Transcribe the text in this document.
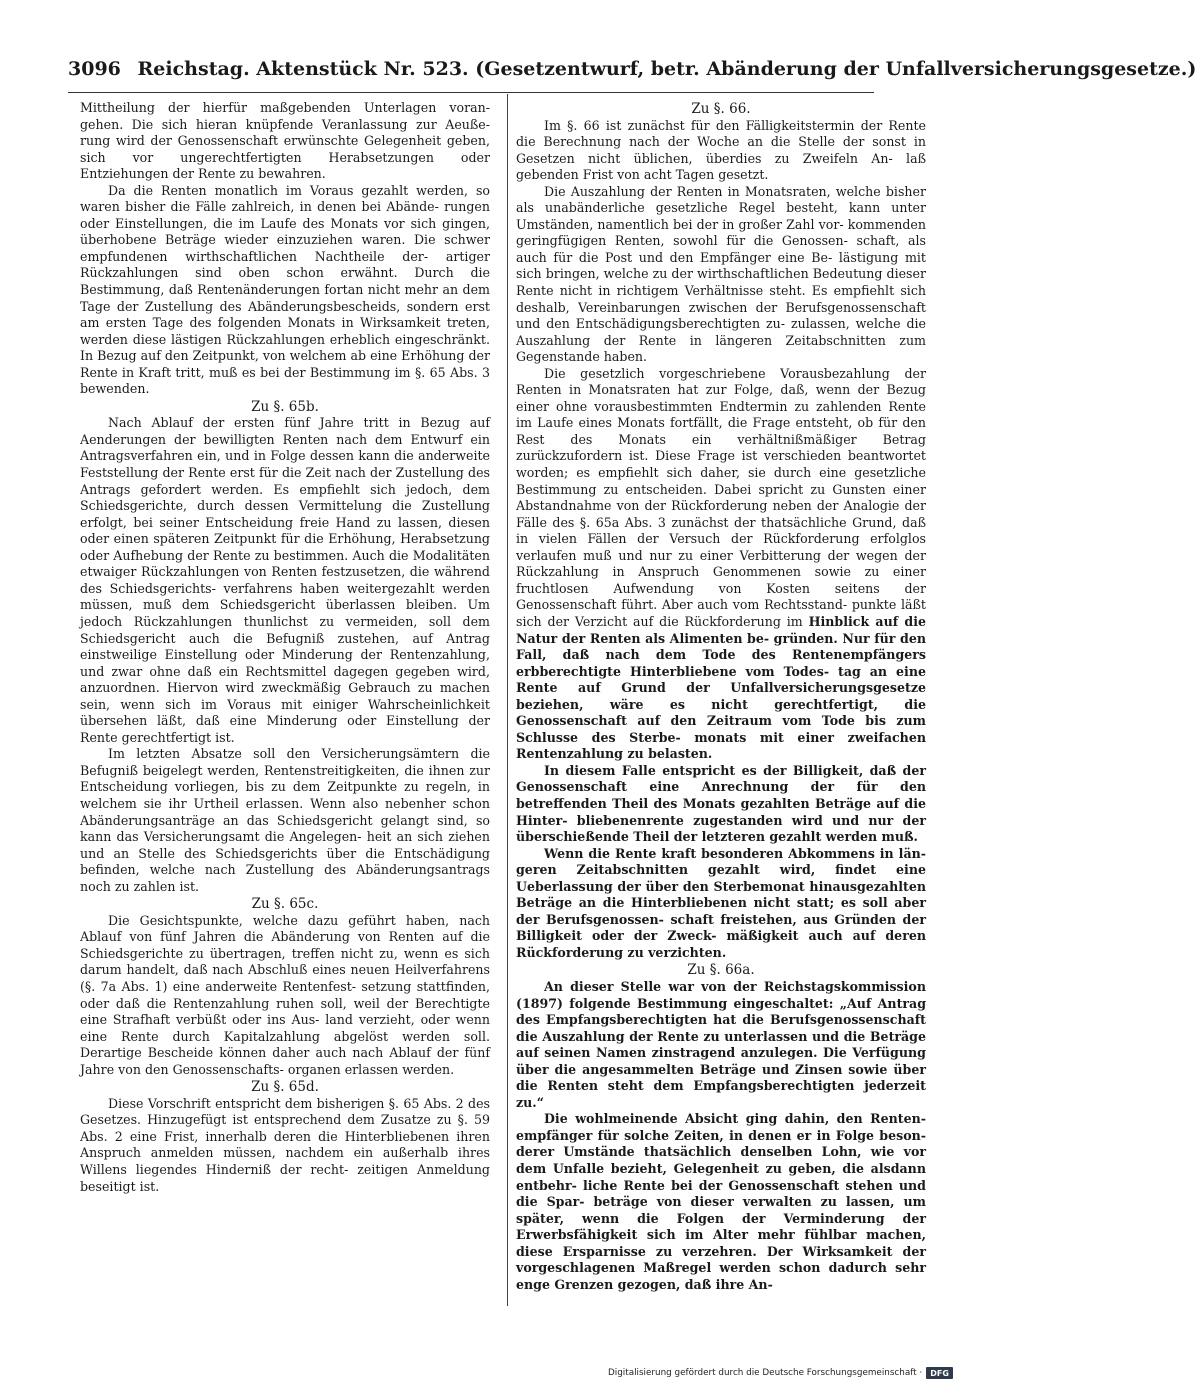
3096 Reichstag. Aktenstück Nr. 523. (Gesetzentwurf, betr. Abänderung der Unfallversicherungsgesetze.)

Mittheilung der hierfür maßgebenden Unterlagen voran- gehen. Die sich hieran knüpfende Veranlassung zur Aeuße- rung wird der Genossenschaft erwünschte Gelegenheit geben, sich vor ungerechtfertigten Herabsetzungen oder Entziehungen der Rente zu bewahren.

Da die Renten monatlich im Voraus gezahlt werden, so waren bisher die Fälle zahlreich, in denen bei Abände- rungen oder Einstellungen, die im Laufe des Monats vor sich gingen, überhobene Beträge wieder einzuziehen waren. Die schwer empfundenen wirthschaftlichen Nachtheile der- artiger Rückzahlungen sind oben schon erwähnt. Durch die Bestimmung, daß Rentenänderungen fortan nicht mehr an dem Tage der Zustellung des Abänderungsbescheids, sondern erst am ersten Tage des folgenden Monats in Wirksamkeit treten, werden diese lästigen Rückzahlungen erheblich eingeschränkt. In Bezug auf den Zeitpunkt, von welchem ab eine Erhöhung der Rente in Kraft tritt, muß es bei der Bestimmung im §. 65 Abs. 3 bewenden.

Zu §. 65b.

Nach Ablauf der ersten fünf Jahre tritt in Bezug auf Aenderungen der bewilligten Renten nach dem Entwurf ein Antragsverfahren ein, und in Folge dessen kann die anderweite Feststellung der Rente erst für die Zeit nach der Zustellung des Antrags gefordert werden. Es empfiehlt sich jedoch, dem Schiedsgerichte, durch dessen Vermittelung die Zustellung erfolgt, bei seiner Entscheidung freie Hand zu lassen, diesen oder einen späteren Zeitpunkt für die Erhöhung, Herabsetzung oder Aufhebung der Rente zu bestimmen. Auch die Modalitäten etwaiger Rückzahlungen von Renten festzusetzen, die während des Schiedsgerichts- verfahrens haben weitergezahlt werden müssen, muß dem Schiedsgericht überlassen bleiben. Um jedoch Rückzahlungen thunlichst zu vermeiden, soll dem Schiedsgericht auch die Befugniß zustehen, auf Antrag einstweilige Einstellung oder Minderung der Rentenzahlung, und zwar ohne daß ein Rechtsmittel dagegen gegeben wird, anzuordnen. Hiervon wird zweckmäßig Gebrauch zu machen sein, wenn sich im Voraus mit einiger Wahrscheinlichkeit übersehen läßt, daß eine Minderung oder Einstellung der Rente gerechtfertigt ist.

Im letzten Absatze soll den Versicherungsämtern die Befugniß beigelegt werden, Rentenstreitigkeiten, die ihnen zur Entscheidung vorliegen, bis zu dem Zeitpunkte zu regeln, in welchem sie ihr Urtheil erlassen. Wenn also nebenher schon Abänderungsanträge an das Schiedsgericht gelangt sind, so kann das Versicherungsamt die Angelegen- heit an sich ziehen und an Stelle des Schiedsgerichts über die Entschädigung befinden, welche nach Zustellung des Abänderungsantrags noch zu zahlen ist.

Zu §. 65c.

Die Gesichtspunkte, welche dazu geführt haben, nach Ablauf von fünf Jahren die Abänderung von Renten auf die Schiedsgerichte zu übertragen, treffen nicht zu, wenn es sich darum handelt, daß nach Abschluß eines neuen Heilverfahrens (§. 7a Abs. 1) eine anderweite Rentenfest- setzung stattfinden, oder daß die Rentenzahlung ruhen soll, weil der Berechtigte eine Strafhaft verbüßt oder ins Aus- land verzieht, oder wenn eine Rente durch Kapitalzahlung abgelöst werden soll. Derartige Bescheide können daher auch nach Ablauf der fünf Jahre von den Genossenschafts- organen erlassen werden.

Zu §. 65d.

Diese Vorschrift entspricht dem bisherigen §. 65 Abs. 2 des Gesetzes. Hinzugefügt ist entsprechend dem Zusatze zu §. 59 Abs. 2 eine Frist, innerhalb deren die Hinterbliebenen ihren Anspruch anmelden müssen, nachdem ein außerhalb ihres Willens liegendes Hinderniß der recht- zeitigen Anmeldung beseitigt ist.

Zu §. 66.

Im §. 66 ist zunächst für den Fälligkeitstermin der Rente die Berechnung nach der Woche an die Stelle der sonst in Gesetzen nicht üblichen, überdies zu Zweifeln An- laß gebenden Frist von acht Tagen gesetzt.

Die Auszahlung der Renten in Monatsraten, welche bisher als unabänderliche gesetzliche Regel besteht, kann unter Umständen, namentlich bei der in großer Zahl vor- kommenden geringfügigen Renten, sowohl für die Genossen- schaft, als auch für die Post und den Empfänger eine Be- lästigung mit sich bringen, welche zu der wirthschaftlichen Bedeutung dieser Rente nicht in richtigem Verhältnisse steht. Es empfiehlt sich deshalb, Vereinbarungen zwischen der Berufsgenossenschaft und den Entschädigungsberechtigten zu- zulassen, welche die Auszahlung der Rente in längeren Zeitabschnitten zum Gegenstande haben.

Die gesetzlich vorgeschriebene Vorausbezahlung der Renten in Monatsraten hat zur Folge, daß, wenn der Bezug einer ohne vorausbestimmten Endtermin zu zahlenden Rente im Laufe eines Monats fortfällt, die Frage entsteht, ob für den Rest des Monats ein verhältnißmäßiger Betrag zurückzufordern ist. Diese Frage ist verschieden beantwortet worden; es empfiehlt sich daher, sie durch eine gesetzliche Bestimmung zu entscheiden. Dabei spricht zu Gunsten einer Abstandnahme von der Rückforderung neben der Analogie der Fälle des §. 65a Abs. 3 zunächst der thatsächliche Grund, daß in vielen Fällen der Versuch der Rückforderung erfolglos verlaufen muß und nur zu einer Verbitterung der wegen der Rückzahlung in Anspruch Genommenen sowie zu einer fruchtlosen Aufwendung von Kosten seitens der Genossenschaft führt. Aber auch vom Rechtsstand- punkte läßt sich der Verzicht auf die Rückforderung im Hinblick auf die Natur der Renten als Alimenten be- gründen. Nur für den Fall, daß nach dem Tode des Rentenempfängers erbberechtigte Hinterbliebene vom Todes- tag an eine Rente auf Grund der Unfallversicherungsgesetze beziehen, wäre es nicht gerechtfertigt, die Genossenschaft auf den Zeitraum vom Tode bis zum Schlusse des Sterbe- monats mit einer zweifachen Rentenzahlung zu belasten.

In diesem Falle entspricht es der Billigkeit, daß der Genossenschaft eine Anrechnung der für den betreffenden Theil des Monats gezahlten Beträge auf die Hinter- bliebenenrente zugestanden wird und nur der überschießende Theil der letzteren gezahlt werden muß.

Wenn die Rente kraft besonderen Abkommens in län- geren Zeitabschnitten gezahlt wird, findet eine Ueberlassung der über den Sterbemonat hinausgezahlten Beträge an die Hinterbliebenen nicht statt; es soll aber der Berufsgenossen- schaft freistehen, aus Gründen der Billigkeit oder der Zweck- mäßigkeit auch auf deren Rückforderung zu verzichten.

Zu §. 66a.

An dieser Stelle war von der Reichstagskommission (1897) folgende Bestimmung eingeschaltet: „Auf Antrag des Empfangsberechtigten hat die Berufsgenossenschaft die Auszahlung der Rente zu unterlassen und die Beträge auf seinen Namen zinstragend anzulegen. Die Verfügung über die angesammelten Beträge und Zinsen sowie über die Renten steht dem Empfangsberechtigten jederzeit zu.“

Die wohlmeinende Absicht ging dahin, den Renten- empfänger für solche Zeiten, in denen er in Folge beson- derer Umstände thatsächlich denselben Lohn, wie vor dem Unfalle bezieht, Gelegenheit zu geben, die alsdann entbehr- liche Rente bei der Genossenschaft stehen und die Spar- beträge von dieser verwalten zu lassen, um später, wenn die Folgen der Verminderung der Erwerbsfähigkeit sich im Alter mehr fühlbar machen, diese Ersparnisse zu verzehren. Der Wirksamkeit der vorgeschlagenen Maßregel werden schon dadurch sehr enge Grenzen gezogen, daß ihre An-

Digitalisierung gefördert durch die Deutsche Forschungsgemeinschaft ·	DFG
